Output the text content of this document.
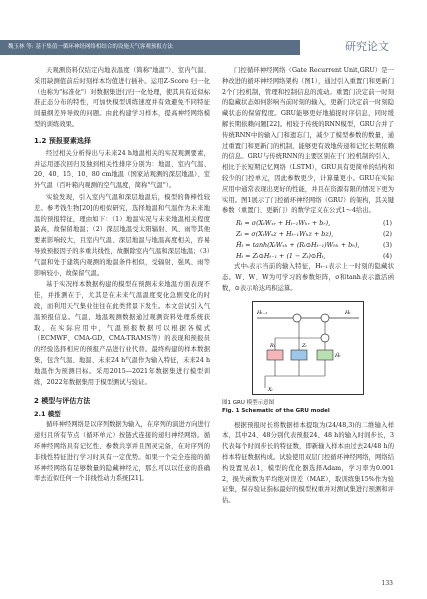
魏玉林 等: 基于集值一循环神经网络相结合的设施天气客观预报方法	研究论文

天观测资料仅结定内地表温度（简称"地温"）、室内气温、采用缺测值前后时刻样本均值进行插补。运用Z-Score 归一化（也称为"标准化"）对数据集进行归一化处理，使其具有近似标准正态分布的特性，可加快模型训练速度并有效避免不同特征间量纲差异导致的问题。由此构建学习样本，提高神经网络模型的训练效果。

1.2 预报要素选择

经过相关分析得出与未来24 h地温相关的实况观测要素，并运用逐次回归及独到相关性排序分别为：地温、室内气温、20、40、15、10、80 cm地温（国家站观测的深层地温）、室外气温（百叶箱内观测的空气温度，简称"气温"）。

实验发现，引入室内气温和深层地温后，模型的鲁棒性较差。参考钱生物[20]的相似研究，选择地温和气温作为未来地温的预报特征，理由如下：（1）地温实况与未来地温相关程度最高，故保留地温；（2）深层地温受太阳辐射、风、雨等其他要素影响较大，且室内气温、深层地温与地温高度相关，容易导致预报因子的多重共线性，故删除室内气温和深层地温；（3）气温和处于建筑内观测的地温条件相似，受辐射、强风、雨等影响较小，故保留气温。

基于实况样本数据构建的模型在预测未来地温方面表现不佳，并推测在于，尤其是在未来气温温度变化急剧变化的时段，而利用天气集业往往在此类背景下发生。本文尝试引入气温预报信息。气温、地温观测数据通过观测资料处理系统获取，在实际应用中，气温预报数据可以根据各模式（ECMWF、CMA-GD、CMA-TRAMS等）的表现和预报员的经验选择相应的预报产品进行业代替。最终构建的样本数据集，包含气温、地温、未来24 h气温作为输入特征，未来24 h地温作为预测目标。采用2015—2021年数据集进行模型训练，2022年数据集用于模型测试与验证。

2 模型与评估方法
2.1 模型

循环神经网络是以序列数据为输入，在序列的演进方向进行递归且所有节点（循环单元）按链式连接的递归神经网络。循环神经网络具有记忆性、参数共享并且图灵完备，在对序列的非线性特征进行学习时具有一定优势。如果一个完全连接的循环神经网络有足够数量的隐藏神经元，那么可以以任意的准确率去近似任何一个非线性动力系统[21]。

门控循环神经网络（Gate Recurrent Unit,GRU）是一种改进的循环神经网络架构（图1），通过引入重置门和更新门2个门控机制，管理和控制信息的流动。重置门决定前一时刻的隐藏状态如何影响当前时刻的输入，更新门决定前一时刻隐藏状态的保留程度。GRU能够更好地捕捉时序信息，同时缓解长期依赖问题[22]。相较于传统的RNN模型，GRU合并了传统RNN中的输入门和遗忘门，减少了模型参数的数量，通过重置门和更新门的机制，能够更有效地传递和记忆长期依赖的信息。GRU与传统RNN的主要区别在于门控机制的引入，相比于长短期记忆网络（LSTM），GRU具有更简单的结构和较少的门控单元，因此参数更少，计算量更小。GRU在实际应用中通常表现出更好的性能，并且在资源有限的情况下更为实用。图1展示了门控循环神经网络（GRU）的架构，其关键参数（重置门、更新门）的数学定义在公式1～4给出。

Rₜ = σ(XₜWₓᵣ + Hₜ₋₁Wₕᵣ + bᵣ),	(1)
Zₜ = σ(XₜWₓz + Hₜ₋₁Wₕz + bz),	(2)
H̃ₜ = tanh(XₜWₓₕ + (Rₜ⊙Hₜ₋₁)Wₕₕ + bₕ),	(3)
Hₜ = Zₜ⊙Hₜ₋₁ + (1 − Zₜ)⊙H̃ₜ,	(4)

式中ₜ表示当前的输入特征，Hₜ₋₁表示上一时刻的隐藏状态。W、W、W为可学习的参数矩阵，σ和tanh表示激活函数，⊙表示哈达玛积运算。

Rₜ	Zₜ
H̃ₜ
Xₜ
Hₜ₋₁	Hₜ
图1 GRU 模型示意图
Fig. 1 Schematic of the GRU model

根据预报时长将数据样本提取为(24/48,3)的二维输入样本，其中24、48分别代表预报24、48 h的输入时间步长，3代表每个时间步长的特征数，即新输入样本由过去24/48 h的样本特征数据构成。试验使用双层门控循环神经网络，网络结构设置见表1，模型的优化器选择Adam，学习率为0.001 2，损失函数为平均绝对误差（MAE），取训练集15%作为验证集，保存验证指标最好的模型权重并对测试集进行预测和评估。

133
